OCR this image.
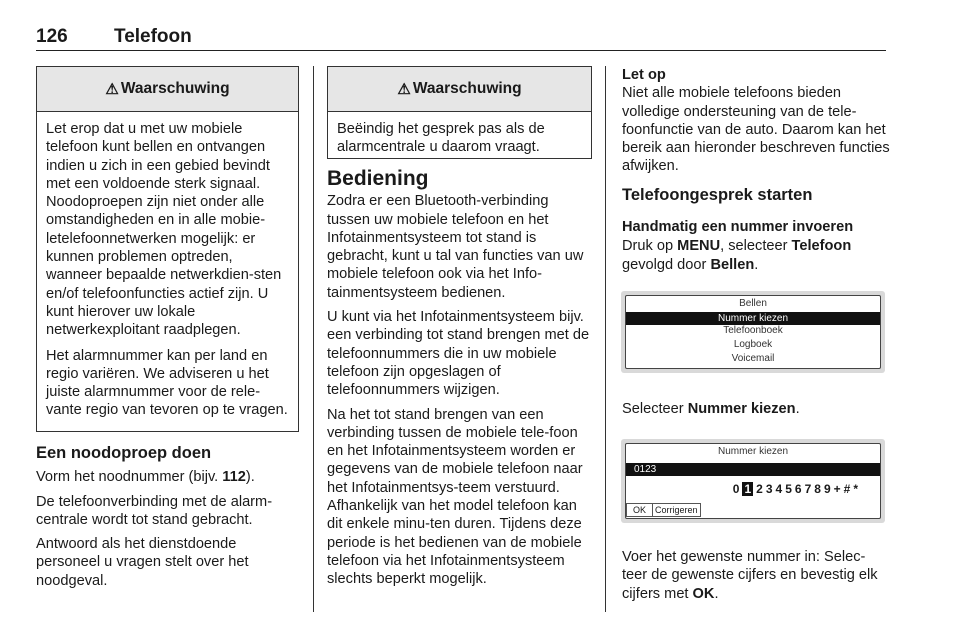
126 Telefoon
⚠ Waarschuwing

Let erop dat u met uw mobiele telefoon kunt bellen en ontvangen indien u zich in een gebied bevindt met een voldoende sterk signaal. Noodoproepen zijn niet onder alle omstandigheden en in alle mobie-letelefoonnetwerken mogelijk: er kunnen problemen optreden, wanneer bepaalde netwerkdien-sten en/of telefoonfuncties actief zijn. U kunt hierover uw lokale netwerkexploitant raadplegen.

Het alarmnummer kan per land en regio variëren. We adviseren u het juiste alarmnummer voor de rele-vante regio van tevoren op te vragen.

Een noodoproep doen

Vorm het noodnummer (bijv. 112).

De telefoonverbinding met de alarm-centrale wordt tot stand gebracht.

Antwoord als het dienstdoende personeel u vragen stelt over het noodgeval.

⚠ Waarschuwing

Beëindig het gesprek pas als de alarmcentrale u daarom vraagt.

Bediening

Zodra er een Bluetooth-verbinding tussen uw mobiele telefoon en het Infotainmentsysteem tot stand is gebracht, kunt u tal van functies van uw mobiele telefoon ook via het Info-tainmentsysteem bedienen.

U kunt via het Infotainmentsysteem bijv. een verbinding tot stand brengen met de telefoonnummers die in uw mobiele telefoon zijn opgeslagen of telefoonnummers wijzigen.

Na het tot stand brengen van een verbinding tussen de mobiele tele-foon en het Infotainmentsysteem worden er gegevens van de mobiele telefoon naar het Infotainmentsys-teem verstuurd. Afhankelijk van het model telefoon kan dit enkele minu-ten duren. Tijdens deze periode is het bedienen van de mobiele telefoon via het Infotainmentsysteem slechts beperkt mogelijk.

Let op

Niet alle mobiele telefoons bieden volledige ondersteuning van de tele-foonfunctie van de auto. Daarom kan het bereik aan hieronder beschreven functies afwijken.

Telefoongesprek starten
Handmatig een nummer invoeren

Druk op MENU, selecteer Telefoon gevolgd door Bellen.

Bellen
Nummer kiezen
Telefoonboek
Logboek
Voicemail

Selecteer Nummer kiezen.

Nummer kiezen
0123
0 1 2 3 4 5 6 7 8 9 + # *
OK	Corrigeren

Voer het gewenste nummer in: Selec-teer de gewenste cijfers en bevestig elk cijfers met OK.
